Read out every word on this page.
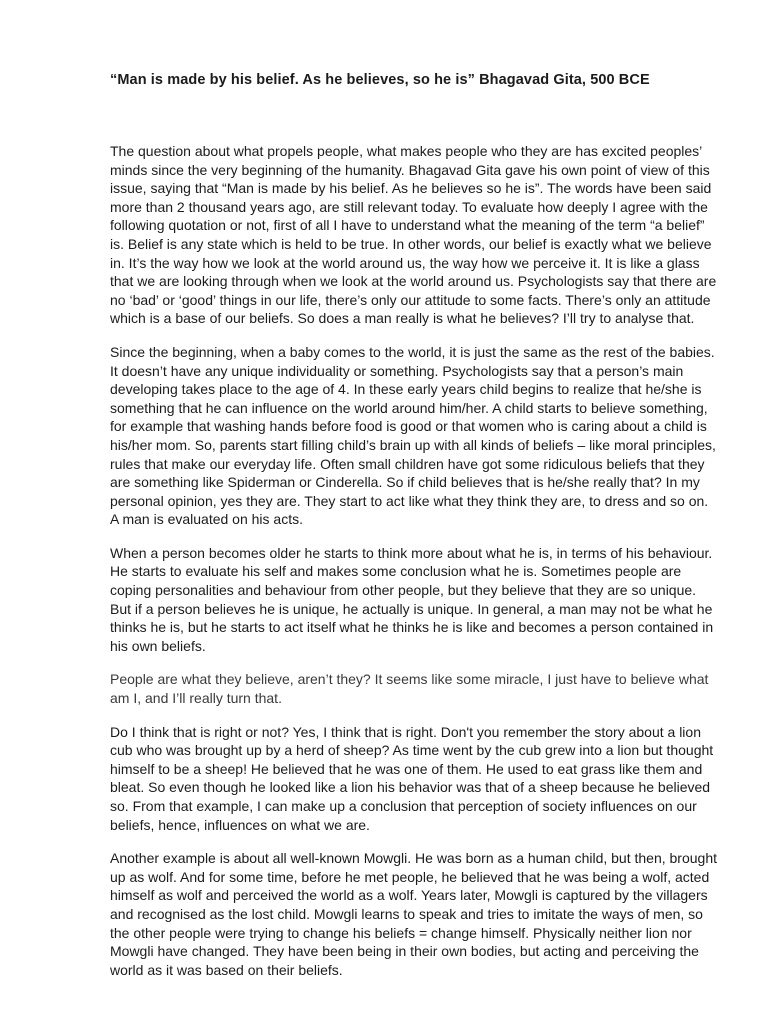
“Man is made by his belief. As he believes, so he is” Bhagavad Gita, 500 BCE

The question about what propels people, what makes people who they are has excited peoples’ minds since the very beginning of the humanity. Bhagavad Gita gave his own point of view of this issue, saying that “Man is made by his belief. As he believes so he is”. The words have been said more than 2 thousand years ago, are still relevant today. To evaluate how deeply I agree with the following quotation or not, first of all I have to understand what the meaning of the term “a belief” is. Belief is any state which is held to be true. In other words, our belief is exactly what we believe in. It’s the way how we look at the world around us, the way how we perceive it. It is like a glass that we are looking through when we look at the world around us. Psychologists say that there are no ‘bad’ or ‘good’ things in our life, there’s only our attitude to some facts. There’s only an attitude which is a base of our beliefs. So does a man really is what he believes? I’ll try to analyse that.

Since the beginning, when a baby comes to the world, it is just the same as the rest of the babies. It doesn’t have any unique individuality or something. Psychologists say that a person’s main developing takes place to the age of 4. In these early years child begins to realize that he/she is something that he can influence on the world around him/her. A child starts to believe something, for example that washing hands before food is good or that women who is caring about a child is his/her mom. So, parents start filling child’s brain up with all kinds of beliefs – like moral principles, rules that make our everyday life. Often small children have got some ridiculous beliefs that they are something like Spiderman or Cinderella. So if child believes that is he/she really that? In my personal opinion, yes they are. They start to act like what they think they are, to dress and so on. A man is evaluated on his acts.

When a person becomes older he starts to think more about what he is, in terms of his behaviour. He starts to evaluate his self and makes some conclusion what he is. Sometimes people are coping personalities and behaviour from other people, but they believe that they are so unique. But if a person believes he is unique, he actually is unique. In general, a man may not be what he thinks he is, but he starts to act itself what he thinks he is like and becomes a person contained in his own beliefs.

People are what they believe, aren’t they? It seems like some miracle, I just have to believe what am I, and I’ll really turn that.

Do I think that is right or not? Yes, I think that is right. Don't you remember the story about a lion cub who was brought up by a herd of sheep? As time went by the cub grew into a lion but thought himself to be a sheep! He believed that he was one of them. He used to eat grass like them and bleat. So even though he looked like a lion his behavior was that of a sheep because he believed so. From that example, I can make up a conclusion that perception of society influences on our beliefs, hence, influences on what we are.

Another example is about all well-known Mowgli. He was born as a human child, but then, brought up as wolf. And for some time, before he met people, he believed that he was being a wolf, acted himself as wolf and perceived the world as a wolf. Years later, Mowgli is captured by the villagers and recognised as the lost child. Mowgli learns to speak and tries to imitate the ways of men, so the other people were trying to change his beliefs = change himself. Physically neither lion nor Mowgli have changed. They have been being in their own bodies, but acting and perceiving the world as it was based on their beliefs.
